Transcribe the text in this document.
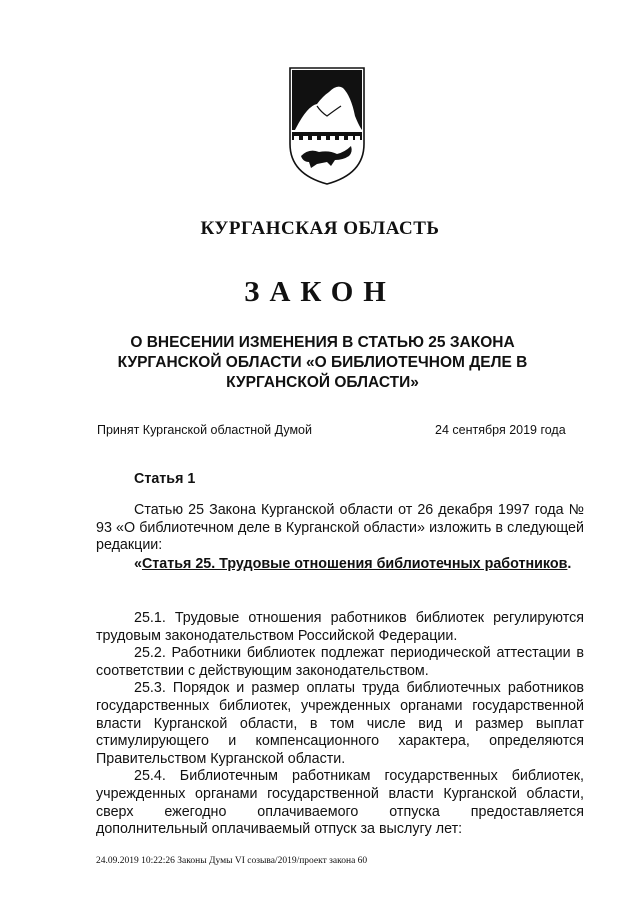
КУРГАНСКАЯ ОБЛАСТЬ
ЗАКОН
О ВНЕСЕНИИ ИЗМЕНЕНИЯ В СТАТЬЮ 25 ЗАКОНА КУРГАНСКОЙ ОБЛАСТИ «О БИБЛИОТЕЧНОМ ДЕЛЕ В КУРГАНСКОЙ ОБЛАСТИ»
Принят Курганской областной Думой	24 сентября 2019 года
Статья 1

Статью 25 Закона Курганской области от 26 декабря 1997 года № 93 «О библиотечном деле в Курганской области» изложить в следующей редакции:

«Статья 25. Трудовые отношения библиотечных работников.

25.1. Трудовые отношения работников библиотек регулируются трудовым законодательством Российской Федерации.

25.2. Работники библиотек подлежат периодической аттестации в соответствии с действующим законодательством.

25.3. Порядок и размер оплаты труда библиотечных работников государственных библиотек, учрежденных органами государственной власти Курганской области, в том числе вид и размер выплат стимулирующего и компенсационного характера, определяются Правительством Курганской области.

25.4. Библиотечным работникам государственных библиотек, учрежденных органами государственной власти Курганской области, сверх ежегодно оплачиваемого отпуска предоставляется дополнительный оплачиваемый отпуск за выслугу лет:

24.09.2019 10:22:26 Законы Думы VI созыва/2019/проект закона 60
